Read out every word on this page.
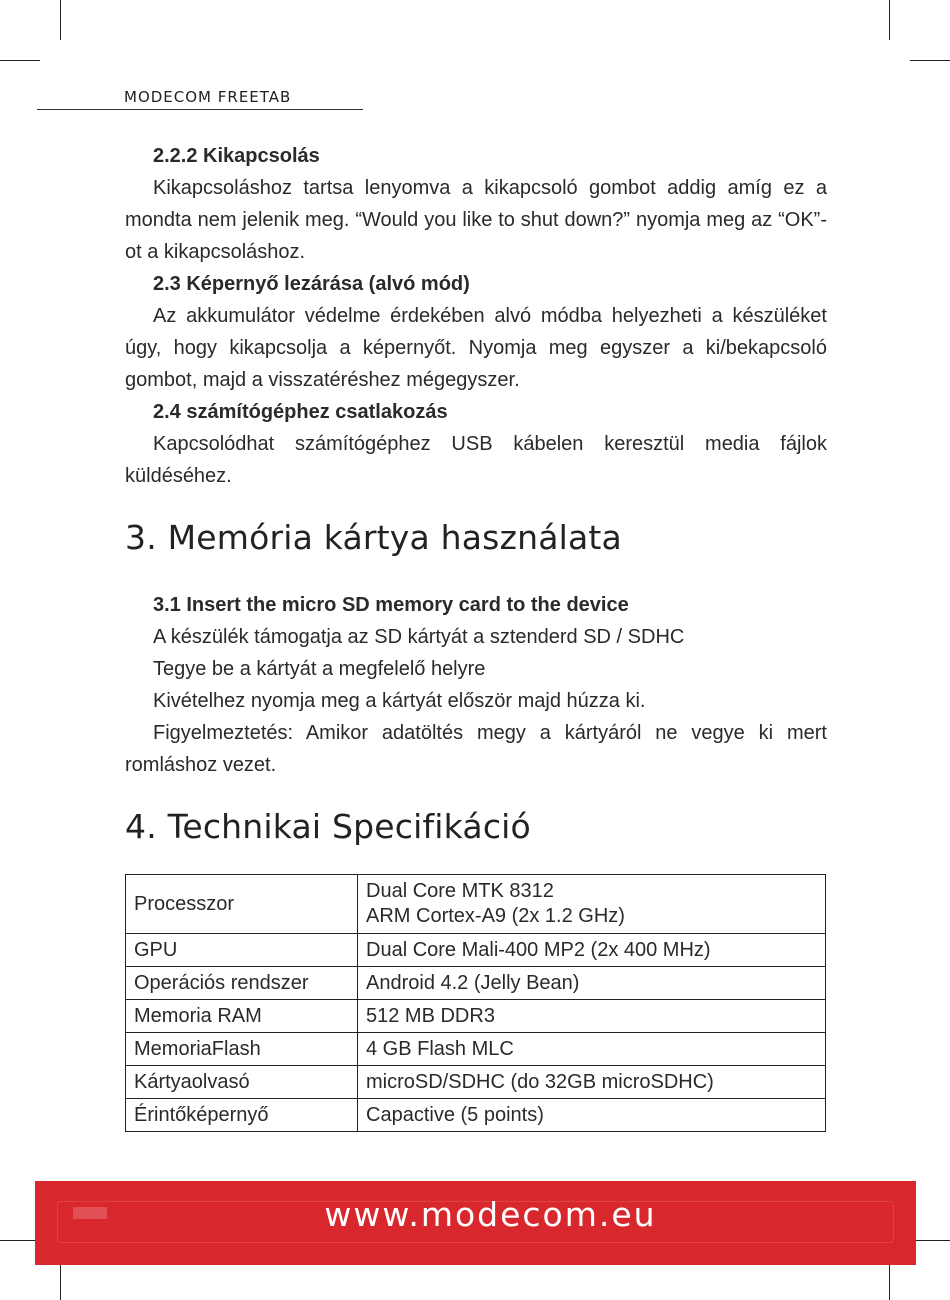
MODECOM FREETAB

2.2.2 Kikapcsolás

Kikapcsoláshoz tartsa lenyomva a kikapcsoló gombot addig amíg ez a mondta nem jelenik meg. “Would you like to shut down?” nyomja meg az “OK”-ot a kikapcsoláshoz.

2.3 Képernyő lezárása (alvó mód)

Az akkumulátor védelme érdekében alvó módba helyezheti a készüléket úgy, hogy kikapcsolja a képernyőt. Nyomja meg egyszer a ki/bekapcsoló gombot, majd a visszatéréshez mégegyszer.

2.4 számítógéphez csatlakozás

Kapcsolódhat számítógéphez USB kábelen keresztül media fájlok küldéséhez.

3. Memória kártya használata

3.1 Insert the micro SD memory card to the device

A készülék támogatja az SD kártyát a sztenderd SD / SDHC

Tegye be a kártyát a megfelelő helyre

Kivételhez nyomja meg a kártyát először majd húzza ki.

Figyelmeztetés: Amikor adatöltés megy a kártyáról ne vegye ki mert romláshoz vezet.

4. Technikai Specifikáció
Processzor	Dual Core MTK 8312
ARM Cortex-A9 (2x 1.2 GHz)

GPU	Dual Core Mali-400 MP2 (2x 400 MHz)
Operációs rendszer	Android 4.2 (Jelly Bean)
Memoria RAM	512 MB DDR3
MemoriaFlash	4 GB Flash MLC
Kártyaolvasó	microSD/SDHC (do 32GB microSDHC)
Érintőképernyő	Capactive (5 points)
www.modecom.eu
